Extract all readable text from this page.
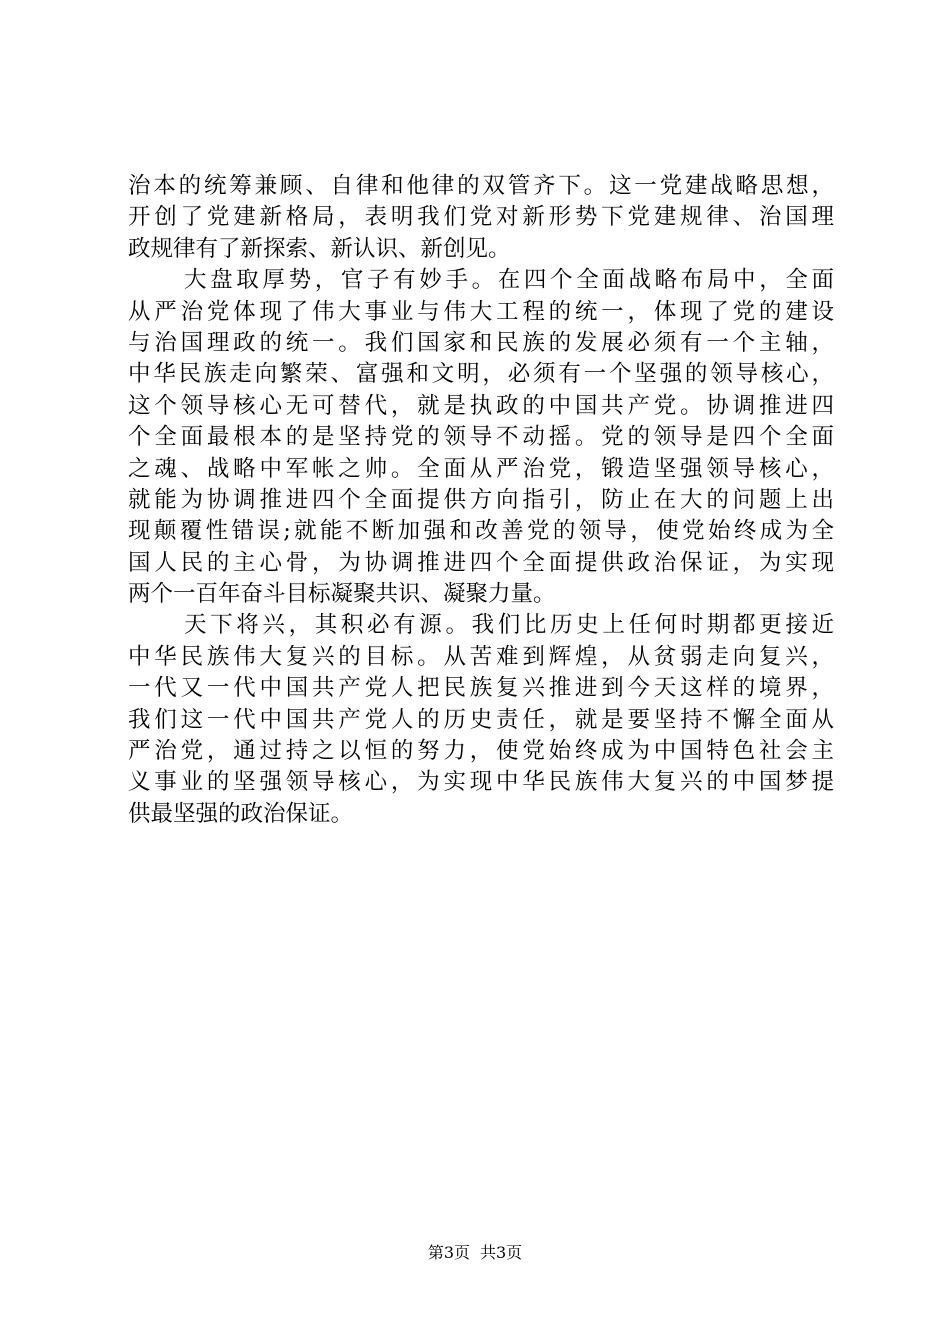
治本的统筹兼顾、自律和他律的双管齐下。这一党建战略思想，
开创了党建新格局，表明我们党对新形势下党建规律、治国理
政规律有了新探索、新认识、新创见。
大盘取厚势，官子有妙手。在四个全面战略布局中，全面
从严治党体现了伟大事业与伟大工程的统一，体现了党的建设
与治国理政的统一。我们国家和民族的发展必须有一个主轴，
中华民族走向繁荣、富强和文明，必须有一个坚强的领导核心，
这个领导核心无可替代，就是执政的中国共产党。协调推进四
个全面最根本的是坚持党的领导不动摇。党的领导是四个全面
之魂、战略中军帐之帅。全面从严治党，锻造坚强领导核心，
就能为协调推进四个全面提供方向指引，防止在大的问题上出
现颠覆性错误;就能不断加强和改善党的领导，使党始终成为全
国人民的主心骨，为协调推进四个全面提供政治保证，为实现
两个一百年奋斗目标凝聚共识、凝聚力量。
天下将兴，其积必有源。我们比历史上任何时期都更接近
中华民族伟大复兴的目标。从苦难到辉煌，从贫弱走向复兴，
一代又一代中国共产党人把民族复兴推进到今天这样的境界，
我们这一代中国共产党人的历史责任，就是要坚持不懈全面从
严治党，通过持之以恒的努力，使党始终成为中国特色社会主
义事业的坚强领导核心，为实现中华民族伟大复兴的中国梦提
供最坚强的政治保证。
第3页 共3页
